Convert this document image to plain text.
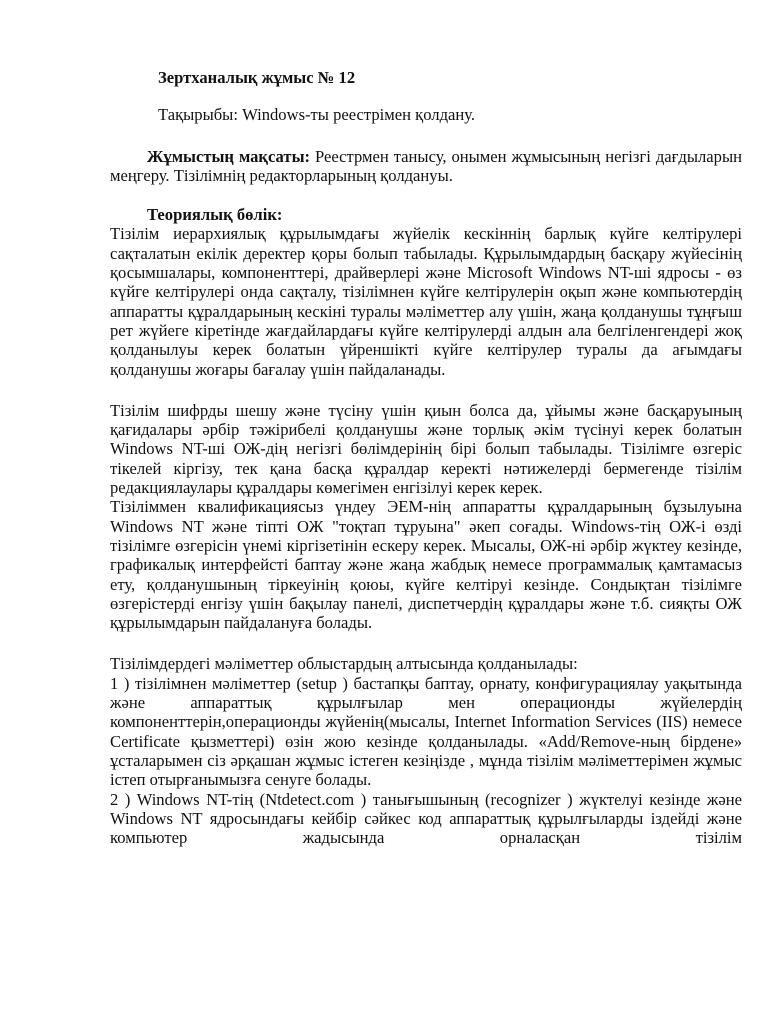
Зертханалық жұмыс № 12

Тақырыбы: Windows-ты реестрімен қолдану.

Жұмыстың мақсаты: Реестрмен танысу, онымен жұмысының негізгі дағдыларын меңгеру. Тізілімнің редакторларының қолдануы.

Теориялық бөлік:

Тізілім иерархиялық құрылымдағы жүйелік кескіннің барлық күйге келтірулері сақталатын екілік деректер қоры болып табылады. Құрылымдардың басқару жүйесінің қосымшалары, компоненттері, драйверлері және Microsoft Windows NT-ші ядросы - өз күйге келтірулері онда сақталу, тізілімнен күйге келтірулерін оқып және компьютердің аппаратты құралдарының кескіні туралы мәліметтер алу үшін, жаңа қолданушы тұңғыш рет жүйеге кіретінде жағдайлардағы күйге келтірулерді алдын ала белгіленгендері жоқ қолданылуы керек болатын үйреншікті күйге келтірулер туралы да ағымдағы қолданушы жоғары бағалау үшін пайдаланады.

Тізілім шифрды шешу және түсіну үшін қиын болса да, ұйымы және басқаруының қағидалары әрбір тәжірибелі қолданушы және торлық әкім түсінуі керек болатын Windows NT-ші ОЖ-дің негізгі бөлімдерінің бірі болып табылады. Тізілімге өзгеріс тікелей кіргізу, тек қана басқа құралдар керекті нәтижелерді бермегенде тізілім редакциялаулары құралдары көмегімен енгізілуі керек керек.

Тізіліммен квалификациясыз үндеу ЭЕМ-нің аппаратты құралдарының бұзылуына Windows NT және тіпті ОЖ "тоқтап тұруына" әкеп соғады. Windows-тің ОЖ-і өзді тізілімге өзгерісін үнемі кіргізетінін ескеру керек. Мысалы, ОЖ-ні әрбір жүктеу кезінде, графикалық интерфейсті баптау және жаңа жабдық немесе программалық қамтамасыз ету, қолданушының тіркеуінің қоюы, күйге келтіруі кезінде. Сондықтан тізілімге өзгерістерді енгізу үшін бақылау панелі, диспетчердің құралдары және т.б. сияқты ОЖ құрылымдарын пайдалануға болады.

Тізілімдердегі мәліметтер облыстардың алтысында қолданылады:

1 ) тізілімнен мәліметтер (setup ) бастапқы баптау, орнату, конфигурациялау уақытында және аппараттық құрылғылар мен операционды жүйелердің компоненттерін,операционды жүйенің(мысалы, Internet Information Services (IIS) немесе Certificate қызметтері) өзін жою кезінде қолданылады. «Add/Remove-ның бірдене» ұсталарымен сіз әрқашан жұмыс істеген кезіңізде , мұнда тізілім мәліметтерімен жұмыс істеп отырғанымызға сенуге болады.

2 ) Windows NT-тің (Ntdetect.com ) танығышының (recognizer ) жүктелуі кезінде және Windows NT ядросындағы кейбір сәйкес код аппараттық құрылғыларды іздейді және компьютер жадысында орналасқан тізілім
